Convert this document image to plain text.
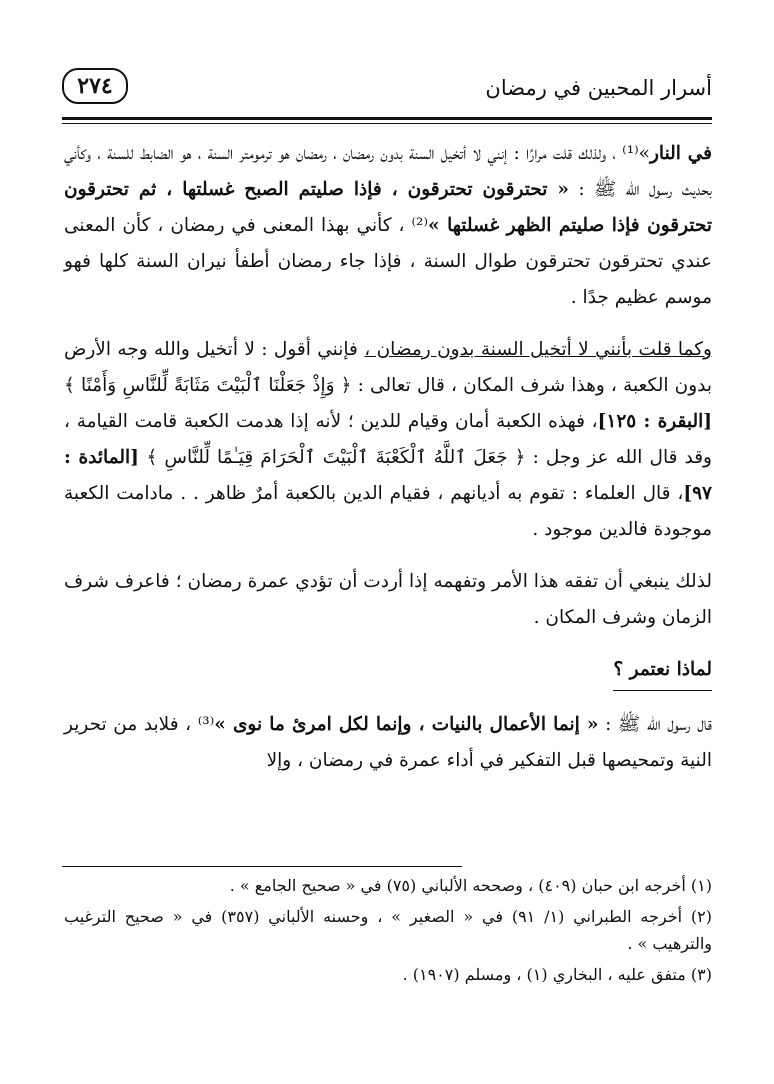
أسرار المحبين في رمضان
٢٧٤

في النار»⁽¹⁾ ، ولذلك قلت مرارًا : إنني لا أتخيل السنة بدون رمضان ، رمضان هو ترمومتر السنة ، هو الضابط للسنة ، وكأني بحديث رسول الله ﷺ : « تحترقون تحترقون ، فإذا صليتم الصبح غسلتها ، ثم تحترقون تحترقون فإذا صليتم الظهر غسلتها »⁽²⁾ ، كأني بهذا المعنى في رمضان ، كأن المعنى عندي تحترقون تحترقون طوال السنة ، فإذا جاء رمضان أطفأ نيران السنة كلها فهو موسم عظيم جدًا .

وكما قلت بأنني لا أتخيل السنة بدون رمضان ، فإنني أقول : لا أتخيل والله وجه الأرض بدون الكعبة ، وهذا شرف المكان ، قال تعالى : ﴿ وَإِذْ جَعَلْنَا ٱلْبَيْتَ مَثَابَةً لِّلنَّاسِ وَأَمْنًا ﴾ [البقرة : ١٢٥]، فهذه الكعبة أمان وقيام للدين ؛ لأنه إذا هدمت الكعبة قامت القيامة ، وقد قال الله عز وجل : ﴿ جَعَلَ ٱللَّهُ ٱلْكَعْبَةَ ٱلْبَيْتَ ٱلْحَرَامَ قِيَـٰمًا لِّلنَّاسِ ﴾ [المائدة : ٩٧]، قال العلماء : تقوم به أديانهم ، فقيام الدين بالكعبة أمرٌ ظاهر . . مادامت الكعبة موجودة فالدين موجود .

لذلك ينبغي أن تفقه هذا الأمر وتفهمه إذا أردت أن تؤدي عمرة رمضان ؛ فاعرف شرف الزمان وشرف المكان .

لماذا نعتمر ؟

قال رسول الله ﷺ : « إنما الأعمال بالنيات ، وإنما لكل امرئ ما نوى »⁽³⁾ ، فلابد من تحرير النية وتمحيصها قبل التفكير في أداء عمرة في رمضان ، وإلا

(١) أخرجه ابن حبان (٤٠٩) ، وصححه الألباني (٧٥) في « صحيح الجامع » .

(٢) أخرجه الطبراني (١/ ٩١) في « الصغير » ، وحسنه الألباني (٣٥٧) في « صحيح الترغيب والترهيب » .

(٣) متفق عليه ، البخاري (١) ، ومسلم (١٩٠٧) .
